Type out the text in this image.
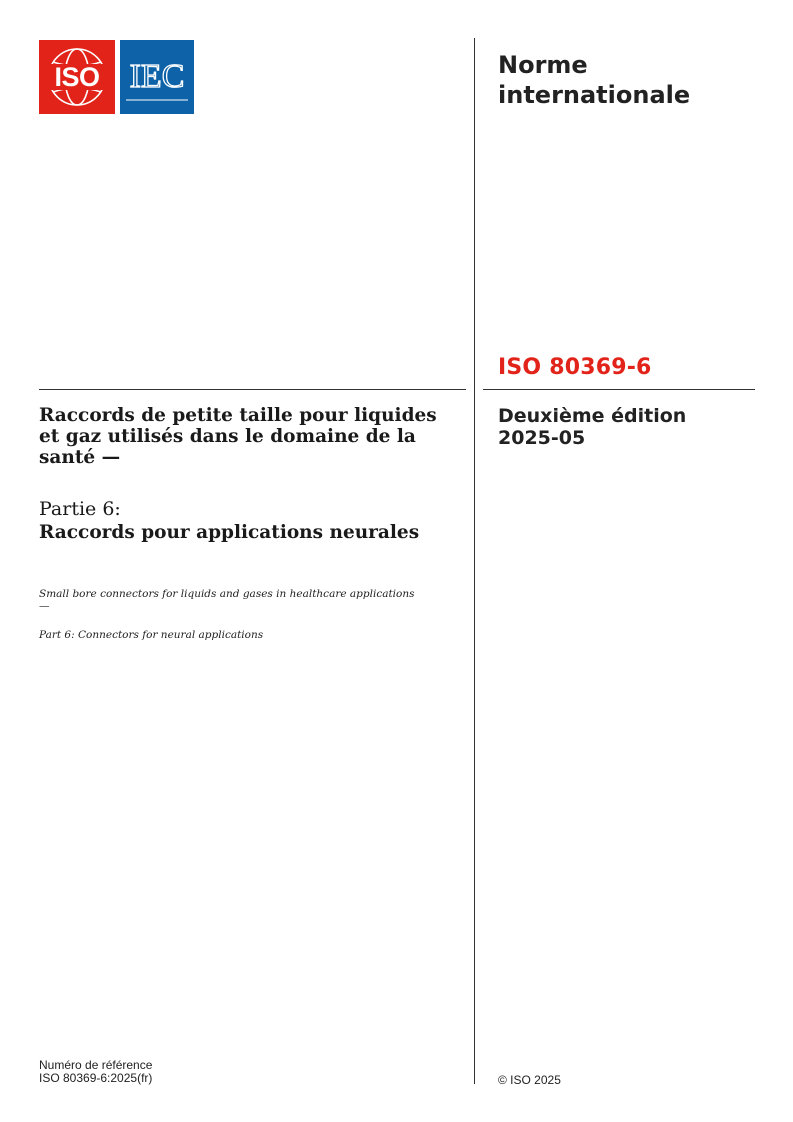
ISO IEC	Norme internationale
ISO 80369-6
Deuxième édition
2025-05
© ISO 2025
Raccords de petite taille pour liquides et gaz utilisés dans le domaine de la santé —
Partie 6:
Raccords pour applications neurales
Small bore connectors for liquids and gases in healthcare applications —
Part 6: Connectors for neural applications
Numéro de référence
ISO 80369-6:2025(fr)
